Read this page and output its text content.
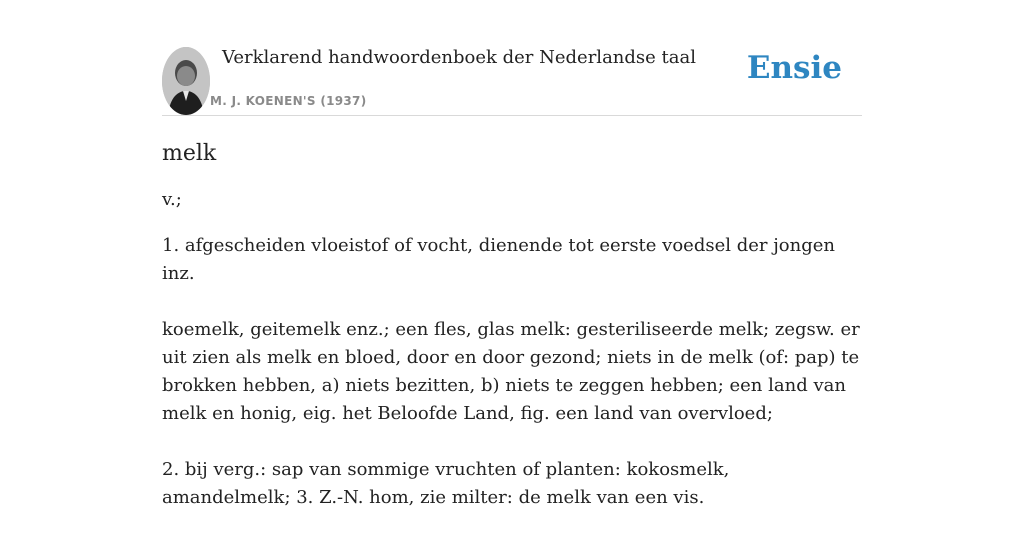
Verklarend handwoordenboek der Nederlandse taal
M. J. KOENEN'S (1937)
Ensie
melk

v.;

1. afgescheiden vloeistof of vocht, dienende tot eerste voedsel der jongen inz.

koemelk, geitemelk enz.; een fles, glas melk: gesteriliseerde melk; zegsw. er uit zien als melk en bloed, door en door gezond; niets in de melk (of: pap) te brokken hebben, a) niets bezitten, b) niets te zeggen hebben; een land van melk en honig, eig. het Beloofde Land, fig. een land van overvloed;

2. bij verg.: sap van sommige vruchten of planten: kokosmelk, amandelmelk; 3. Z.-N. hom, zie milter: de melk van een vis.
